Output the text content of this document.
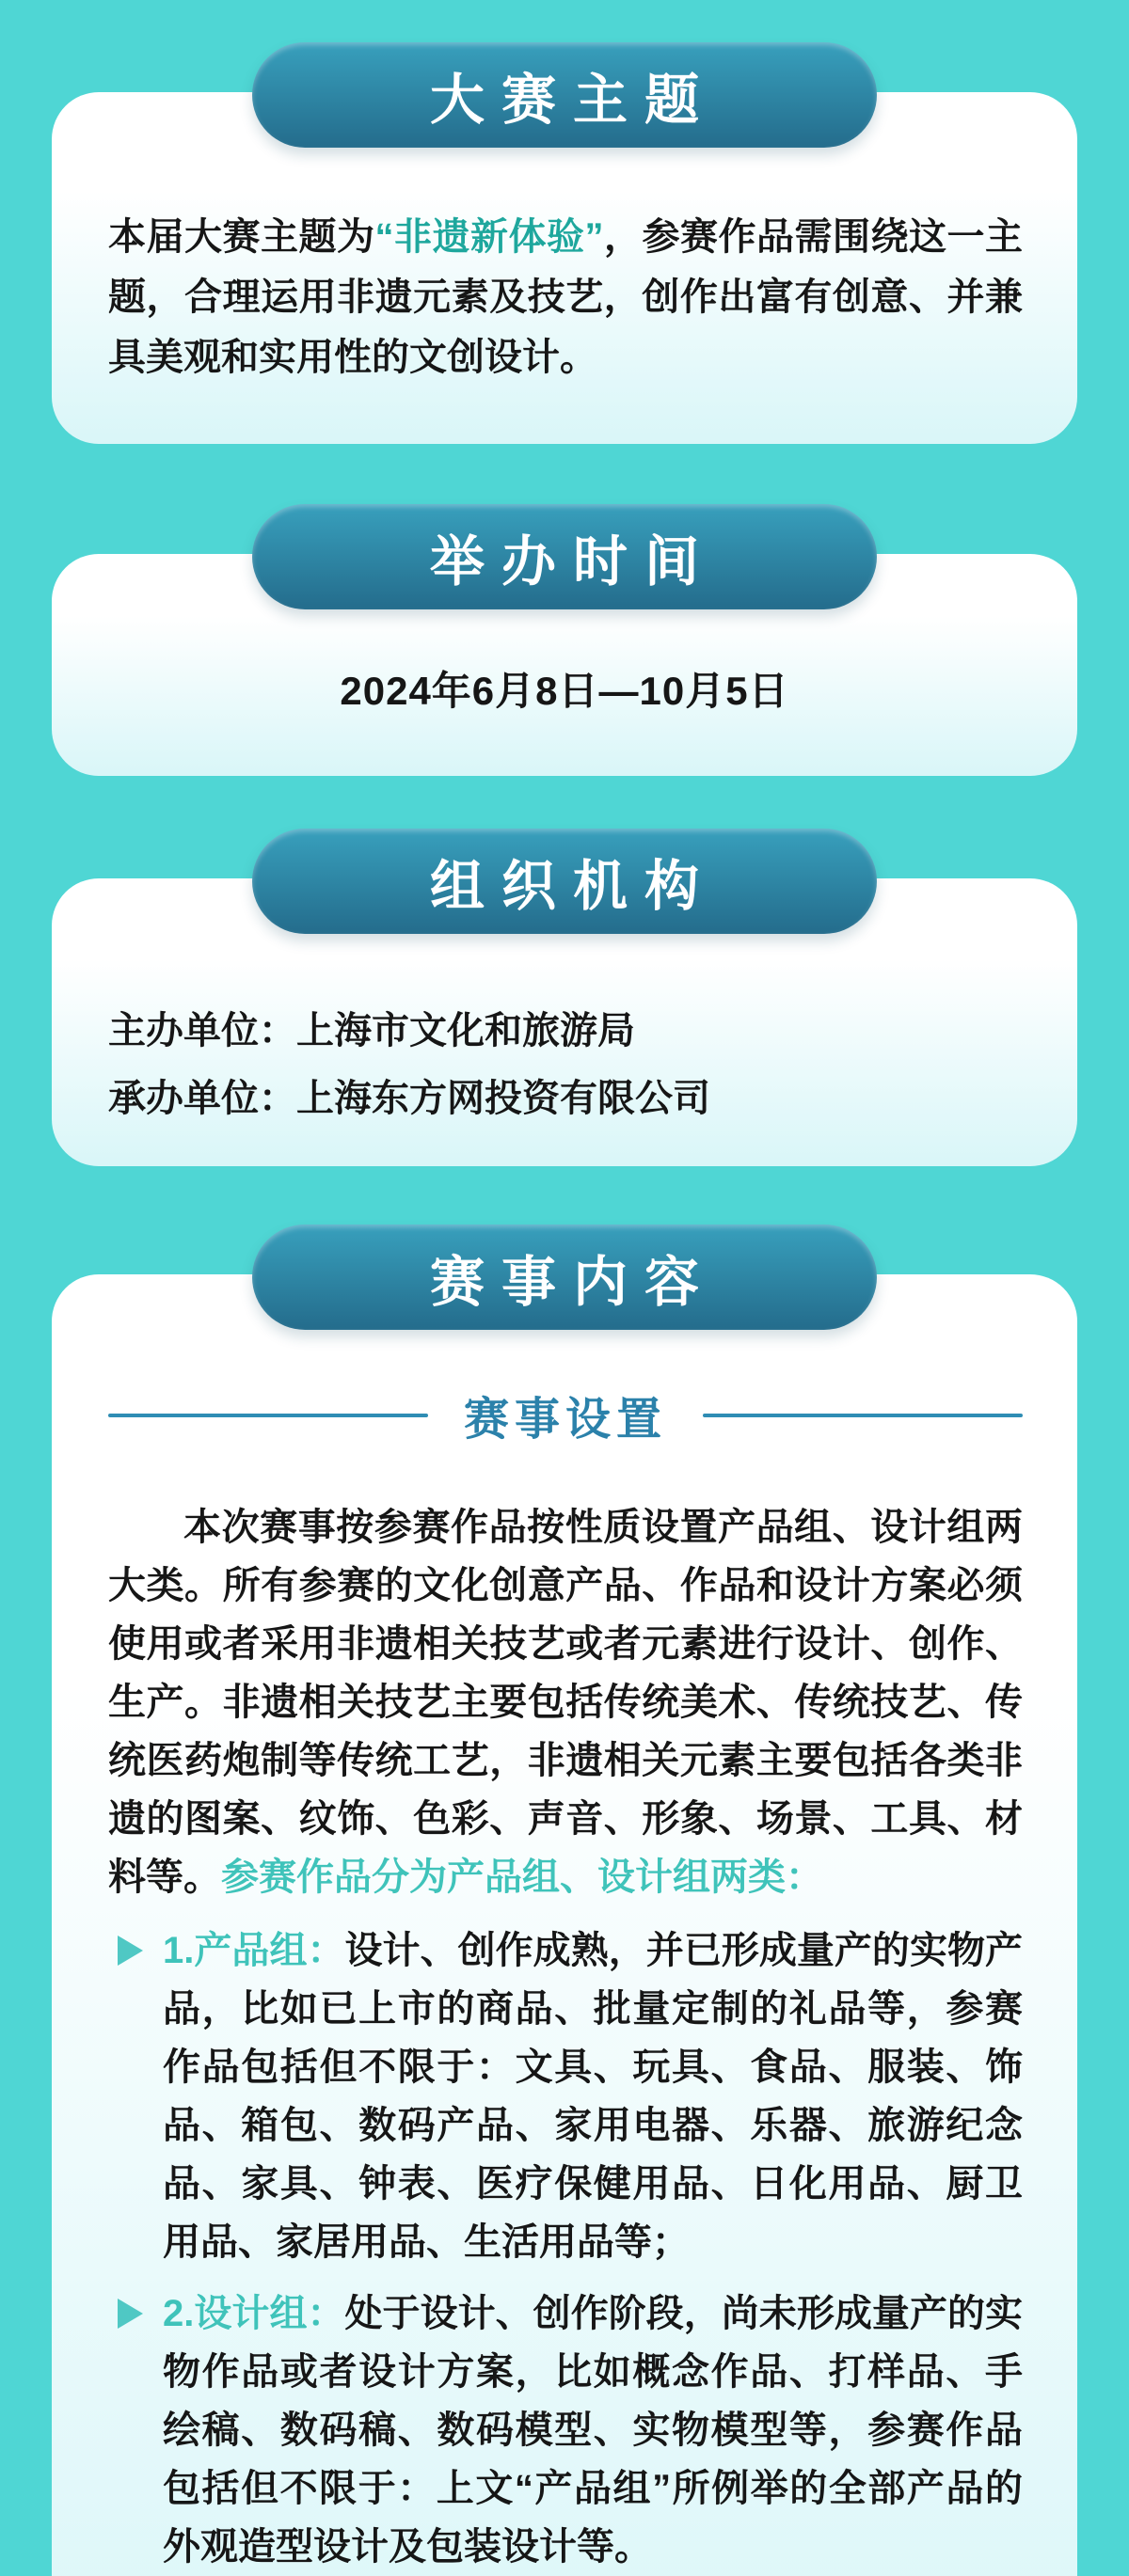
大赛主题

本届大赛主题为“非遗新体验”，参赛作品需围绕这一主题，合理运用非遗元素及技艺，创作出富有创意、并兼具美观和实用性的文创设计。

举办时间

2024年6月8日—10月5日

组织机构

主办单位：上海市文化和旅游局

承办单位：上海东方网投资有限公司

赛事内容
赛事设置

本次赛事按参赛作品按性质设置产品组、设计组两大类。所有参赛的文化创意产品、作品和设计方案必须使用或者采用非遗相关技艺或者元素进行设计、创作、生产。非遗相关技艺主要包括传统美术、传统技艺、传统医药炮制等传统工艺，非遗相关元素主要包括各类非遗的图案、纹饰、色彩、声音、形象、场景、工具、材料等。参赛作品分为产品组、设计组两类：

1.产品组：设计、创作成熟，并已形成量产的实物产品，比如已上市的商品、批量定制的礼品等，参赛作品包括但不限于：文具、玩具、食品、服装、饰品、箱包、数码产品、家用电器、乐器、旅游纪念品、家具、钟表、医疗保健用品、日化用品、厨卫用品、家居用品、生活用品等；
2.设计组：处于设计、创作阶段，尚未形成量产的实物作品或者设计方案，比如概念作品、打样品、手绘稿、数码稿、数码模型、实物模型等，参赛作品包括但不限于：上文“产品组”所例举的全部产品的外观造型设计及包装设计等。
